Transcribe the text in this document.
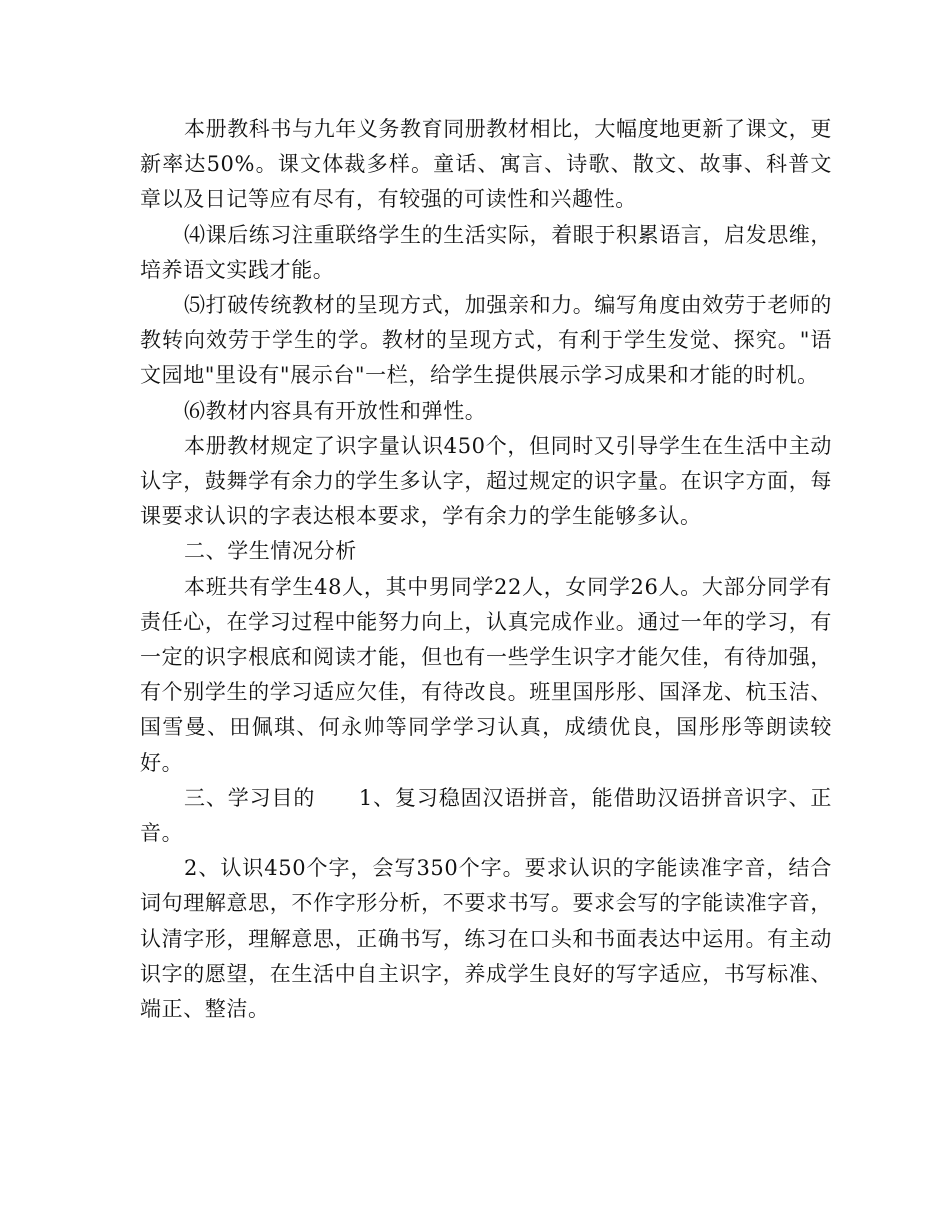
本册教科书与九年义务教育同册教材相比，大幅度地更新了课文，更新率达50%。课文体裁多样。童话、寓言、诗歌、散文、故事、科普文章以及日记等应有尽有，有较强的可读性和兴趣性。

⑷课后练习注重联络学生的生活实际，着眼于积累语言，启发思维，培养语文实践才能。

⑸打破传统教材的呈现方式，加强亲和力。编写角度由效劳于老师的教转向效劳于学生的学。教材的呈现方式，有利于学生发觉、探究。"语文园地"里设有"展示台"一栏，给学生提供展示学习成果和才能的时机。

⑹教材内容具有开放性和弹性。

本册教材规定了识字量认识450个，但同时又引导学生在生活中主动认字，鼓舞学有余力的学生多认字，超过规定的识字量。在识字方面，每课要求认识的字表达根本要求，学有余力的学生能够多认。

二、学生情况分析

本班共有学生48人，其中男同学22人，女同学26人。大部分同学有责任心，在学习过程中能努力向上，认真完成作业。通过一年的学习，有一定的识字根底和阅读才能，但也有一些学生识字才能欠佳，有待加强，有个别学生的学习适应欠佳，有待改良。班里国彤彤、国泽龙、杭玉洁、国雪曼、田佩琪、何永帅等同学学习认真，成绩优良，国彤彤等朗读较好。

三、学习目的　　1、复习稳固汉语拼音，能借助汉语拼音识字、正音。

2、认识450个字，会写350个字。要求认识的字能读准字音，结合词句理解意思，不作字形分析，不要求书写。要求会写的字能读准字音，认清字形，理解意思，正确书写，练习在口头和书面表达中运用。有主动识字的愿望，在生活中自主识字，养成学生良好的写字适应，书写标准、端正、整洁。
